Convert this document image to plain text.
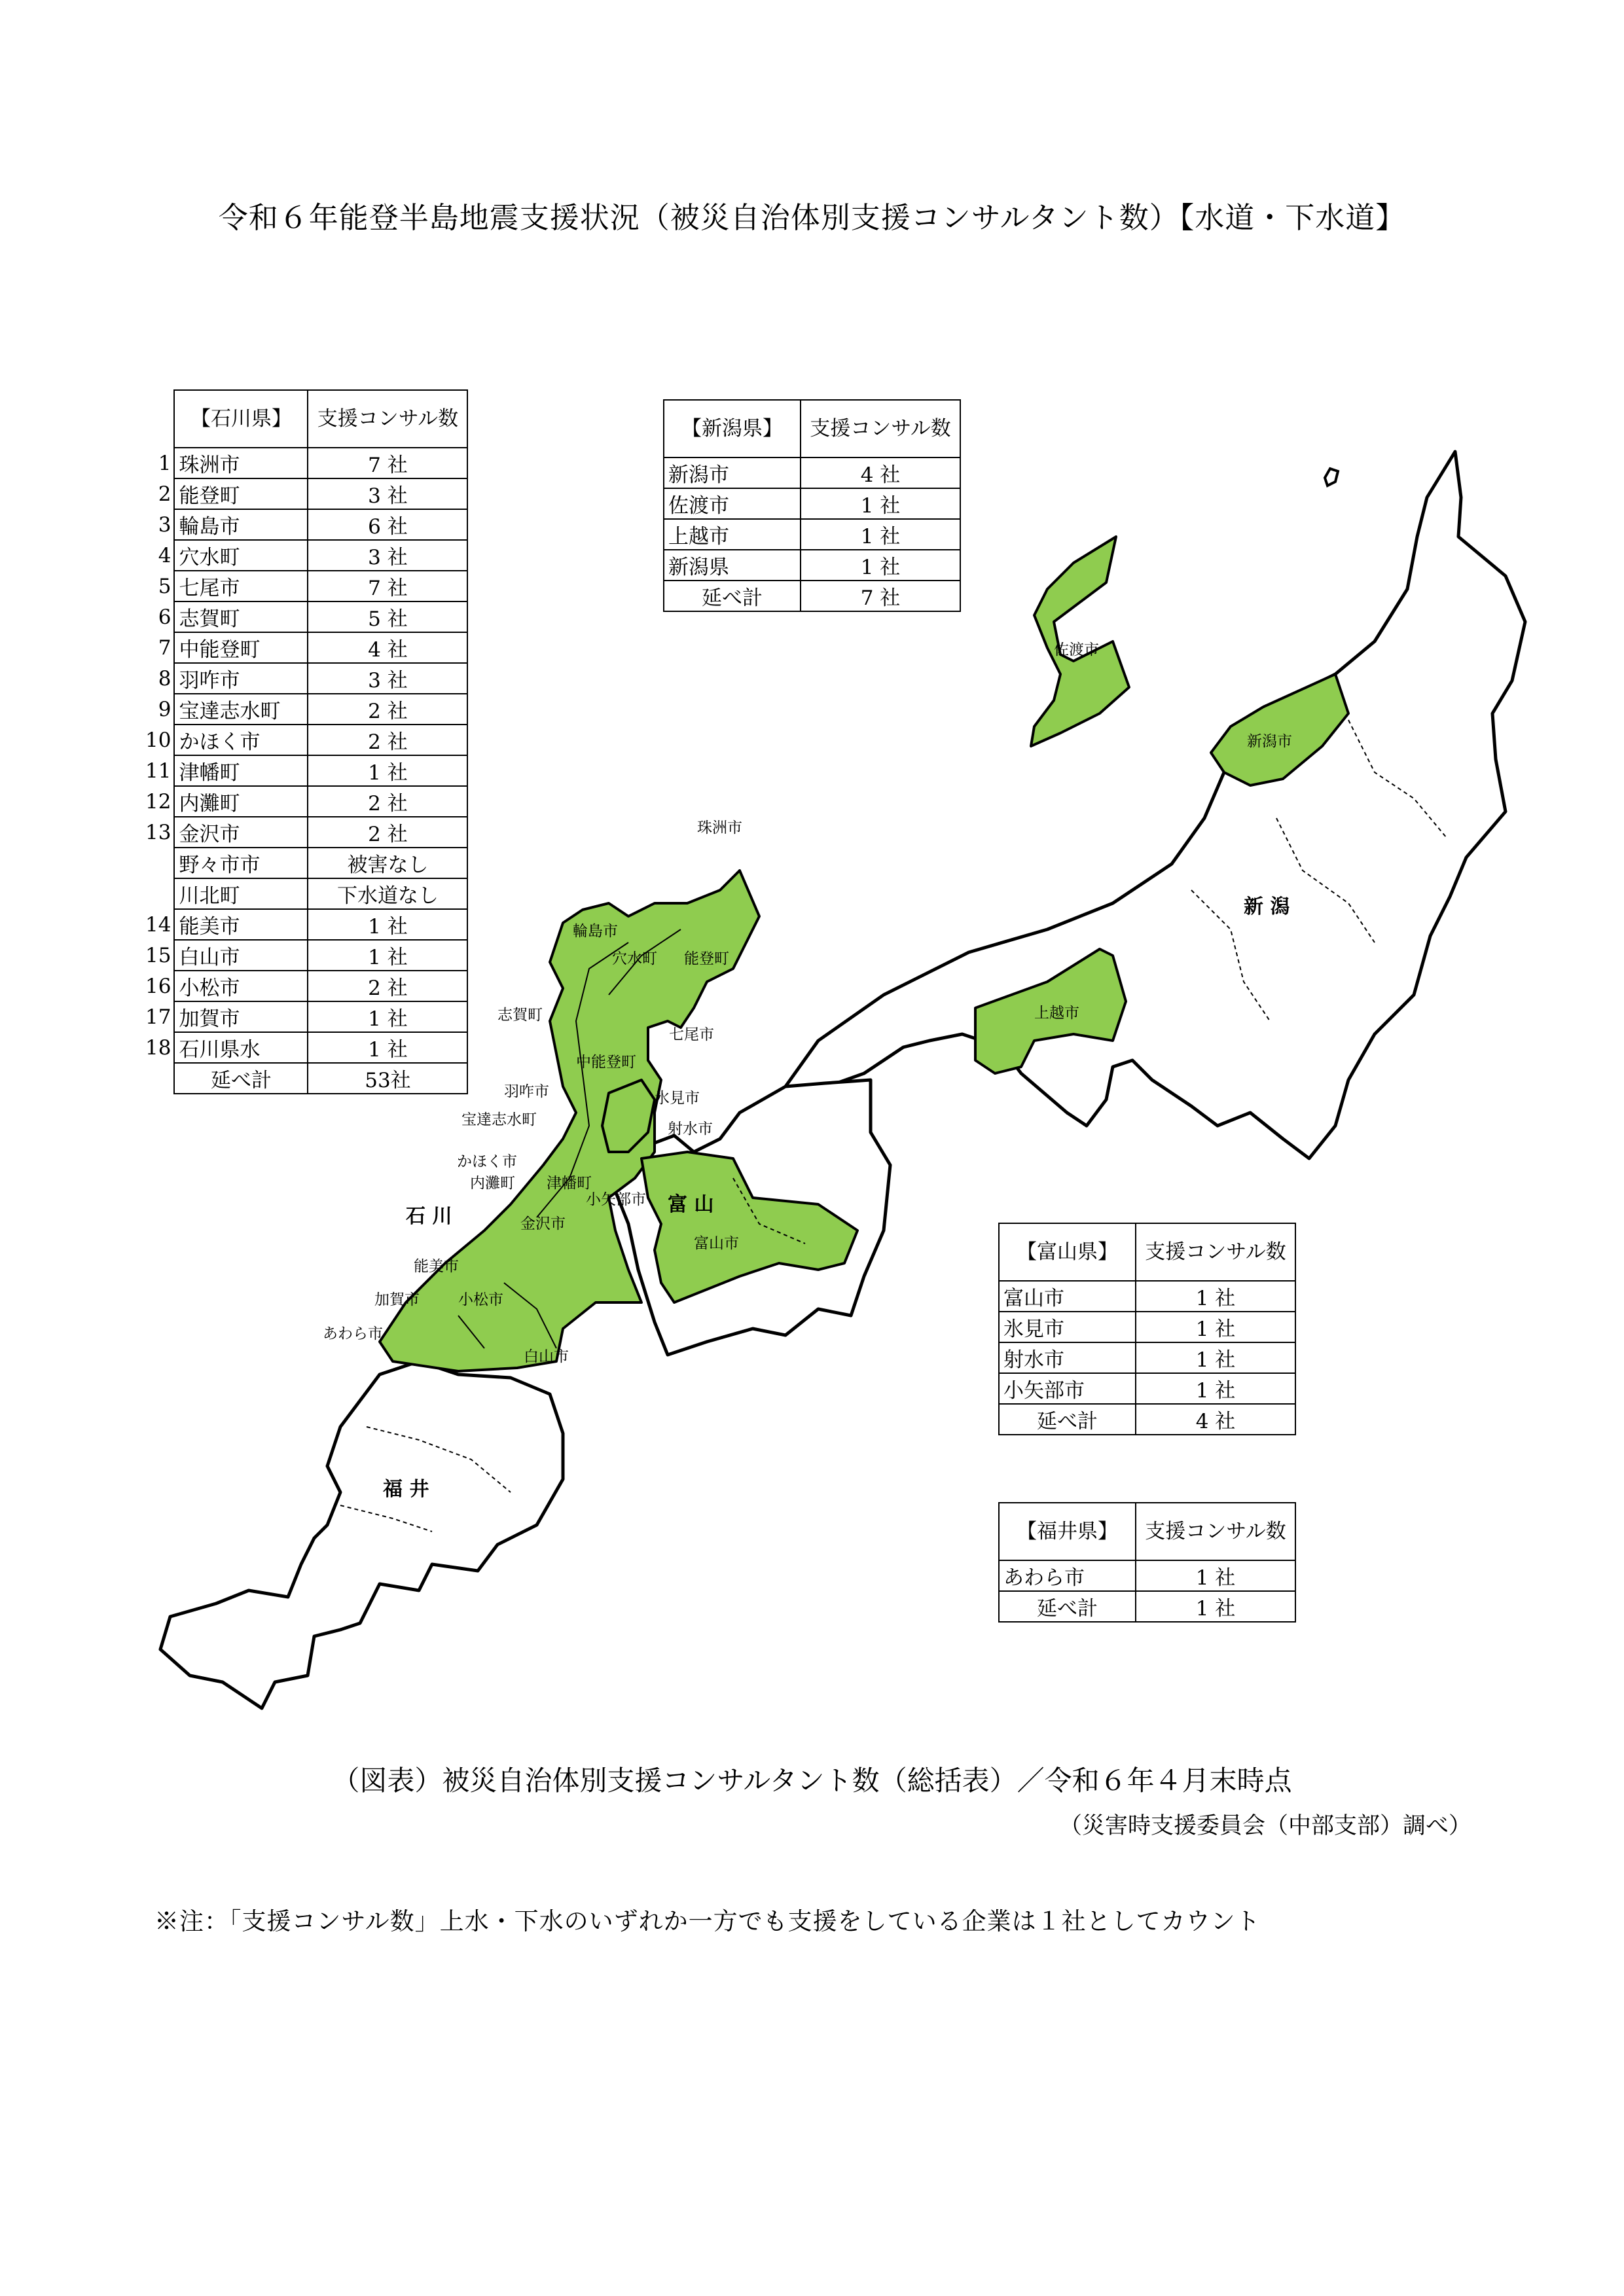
令和６年能登半島地震支援状況（被災自治体別支援コンサルタント数）【水道・下水道】
新 潟
富 山
石 川
福 井
珠洲市
輪島市
穴水町 能登町
志賀町
七尾市
中能登町
羽咋市	氷見市
宝達志水町
射水市
かほく市
内灘町 津幡町
小矢部市
金沢市
富山市
能美市
加賀市	小松市
あわら市
白山市
佐渡市
新潟市
上越市
	【石川県】	支援コンサル数
1	珠洲市	7 社
2	能登町	3 社
3	輪島市	6 社
4	穴水町	3 社
5	七尾市	7 社
6	志賀町	5 社
7	中能登町	4 社
8	羽咋市	3 社
9	宝達志水町	2 社
10	かほく市	2 社
11	津幡町	1 社
12	内灘町	2 社
13	金沢市	2 社
	野々市市	被害なし
	川北町	下水道なし
14	能美市	1 社
15	白山市	1 社
16	小松市	2 社
17	加賀市	1 社
18	石川県水	1 社
	延べ計	53社
【新潟県】	支援コンサル数
新潟市	4 社
佐渡市	1 社
上越市	1 社
新潟県	1 社
延べ計	7 社
【富山県】	支援コンサル数
富山市	1 社
氷見市	1 社
射水市	1 社
小矢部市	1 社
延べ計	4 社
【福井県】	支援コンサル数
あわら市	1 社
延べ計	1 社
（図表）被災自治体別支援コンサルタント数（総括表）／令和６年４月末時点
（災害時支援委員会（中部支部）調べ）
※注：「支援コンサル数」上水・下水のいずれか一方でも支援をしている企業は１社としてカウント
